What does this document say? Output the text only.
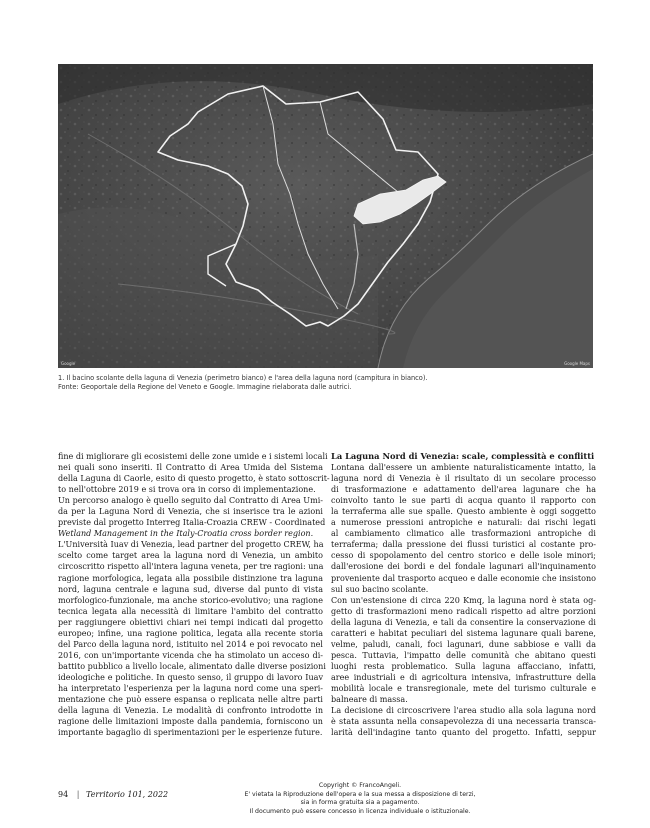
Google	Google Maps

1. Il bacino scolante della laguna di Venezia (perimetro bianco) e l'area della laguna nord (campitura in bianco).

Fonte: Geoportale della Regione del Veneto e Google. Immagine rielaborata dalle autrici.

fine di migliorare gli ecosistemi delle zone umide e i sistemi locali
nei quali sono inseriti. Il Contratto di Area Umida del Sistema
della Laguna di Caorle, esito di questo progetto, è stato sottoscrit-
to nell'ottobre 2019 e si trova ora in corso di implementazione.
Un percorso analogo è quello seguito dal Contratto di Area Umi-
da per la Laguna Nord di Venezia, che si inserisce tra le azioni
previste dal progetto Interreg Italia-Croazia CREW - Coordinated
Wetland Management in the Italy-Croatia cross border region.
L'Università Iuav di Venezia, lead partner del progetto CREW, ha
scelto come target area la laguna nord di Venezia, un ambito
circoscritto rispetto all'intera laguna veneta, per tre ragioni: una
ragione morfologica, legata alla possibile distinzione tra laguna
nord, laguna centrale e laguna sud, diverse dal punto di vista
morfologico-funzionale, ma anche storico-evolutivo; una ragione
tecnica legata alla necessità di limitare l'ambito del contratto
per raggiungere obiettivi chiari nei tempi indicati dal progetto
europeo; infine, una ragione politica, legata alla recente storia
del Parco della laguna nord, istituito nel 2014 e poi revocato nel
2016, con un'importante vicenda che ha stimolato un acceso di-
battito pubblico a livello locale, alimentato dalle diverse posizioni
ideologiche e politiche. In questo senso, il gruppo di lavoro Iuav
ha interpretato l'esperienza per la laguna nord come una speri-
mentazione che può essere espansa o replicata nelle altre parti
della laguna di Venezia. Le modalità di confronto introdotte in
ragione delle limitazioni imposte dalla pandemia, forniscono un
importante bagaglio di sperimentazioni per le esperienze future.
La Laguna Nord di Venezia: scale, complessità e conflitti
Lontana dall'essere un ambiente naturalisticamente intatto, la
laguna nord di Venezia è il risultato di un secolare processo
di trasformazione e adattamento dell'area lagunare che ha
coinvolto tanto le sue parti di acqua quanto il rapporto con
la terraferma alle sue spalle. Questo ambiente è oggi soggetto
a numerose pressioni antropiche e naturali: dai rischi legati
al cambiamento climatico alle trasformazioni antropiche di
terraferma; dalla pressione dei flussi turistici al costante pro-
cesso di spopolamento del centro storico e delle isole minori;
dall'erosione dei bordi e del fondale lagunari all'inquinamento
proveniente dal trasporto acqueo e dalle economie che insistono
sul suo bacino scolante.
Con un'estensione di circa 220 Kmq, la laguna nord è stata og-
getto di trasformazioni meno radicali rispetto ad altre porzioni
della laguna di Venezia, e tali da consentire la conservazione di
caratteri e habitat peculiari del sistema lagunare quali barene,
velme, paludi, canali, foci lagunari, dune sabbiose e valli da
pesca. Tuttavia, l'impatto delle comunità che abitano questi
luoghi resta problematico. Sulla laguna affacciano, infatti,
aree industriali e di agricoltura intensiva, infrastrutture della
mobilità locale e transregionale, mete del turismo culturale e
balneare di massa.
La decisione di circoscrivere l'area studio alla sola laguna nord
è stata assunta nella consapevolezza di una necessaria transca-
larità dell'indagine tanto quanto del progetto. Infatti, seppur
94 | Territorio 101, 2022

Copyright © FrancoAngeli.

E' vietata la Riproduzione dell'opera e la sua messa a disposizione di terzi,

sia in forma gratuita sia a pagamento.

Il documento può essere concesso in licenza individuale o istituzionale.
